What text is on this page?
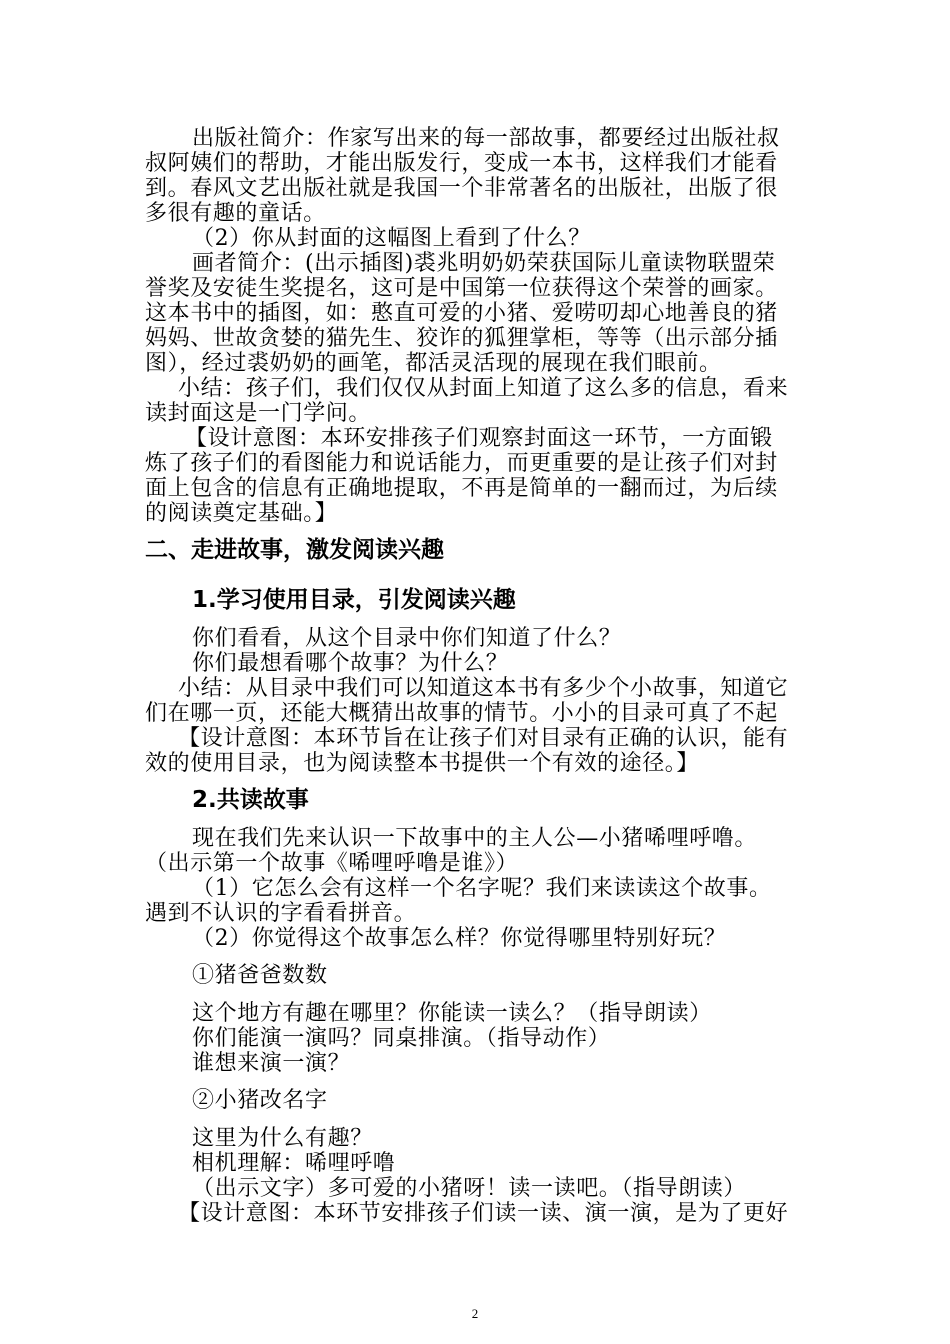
出版社简介：作家写出来的每一部故事，都要经过出版社叔
叔阿姨们的帮助，才能出版发行，变成一本书，这样我们才能看
到。春风文艺出版社就是我国一个非常著名的出版社，出版了很
多很有趣的童话。
（2）你从封面的这幅图上看到了什么？
画者简介：(出示插图)裘兆明奶奶荣获国际儿童读物联盟荣
誉奖及安徒生奖提名，这可是中国第一位获得这个荣誉的画家。
这本书中的插图，如：憨直可爱的小猪、爱唠叨却心地善良的猪
妈妈、世故贪婪的猫先生、狡诈的狐狸掌柜，等等（出示部分插
图），经过裘奶奶的画笔，都活灵活现的展现在我们眼前。
小结：孩子们，我们仅仅从封面上知道了这么多的信息，看来
读封面这是一门学问。
【设计意图：本环安排孩子们观察封面这一环节，一方面锻
炼了孩子们的看图能力和说话能力，而更重要的是让孩子们对封
面上包含的信息有正确地提取，不再是简单的一翻而过，为后续
的阅读奠定基础。】
二、走进故事，激发阅读兴趣
1.学习使用目录，引发阅读兴趣
你们看看，从这个目录中你们知道了什么？
你们最想看哪个故事？为什么？
小结：从目录中我们可以知道这本书有多少个小故事，知道它
们在哪一页，还能大概猜出故事的情节。小小的目录可真了不起
【设计意图：本环节旨在让孩子们对目录有正确的认识，能有
效的使用目录，也为阅读整本书提供一个有效的途径。】
2.共读故事
现在我们先来认识一下故事中的主人公—小猪唏哩呼噜。
（出示第一个故事《唏哩呼噜是谁》）
（1）它怎么会有这样一个名字呢？我们来读读这个故事。
遇到不认识的字看看拼音。
（2）你觉得这个故事怎么样？你觉得哪里特别好玩？
①猪爸爸数数
这个地方有趣在哪里？你能读一读么？（指导朗读）
你们能演一演吗？同桌排演。（指导动作）
谁想来演一演？
②小猪改名字
这里为什么有趣？
相机理解：唏哩呼噜
（出示文字）多可爱的小猪呀！读一读吧。（指导朗读）
【设计意图：本环节安排孩子们读一读、演一演，是为了更好
2
